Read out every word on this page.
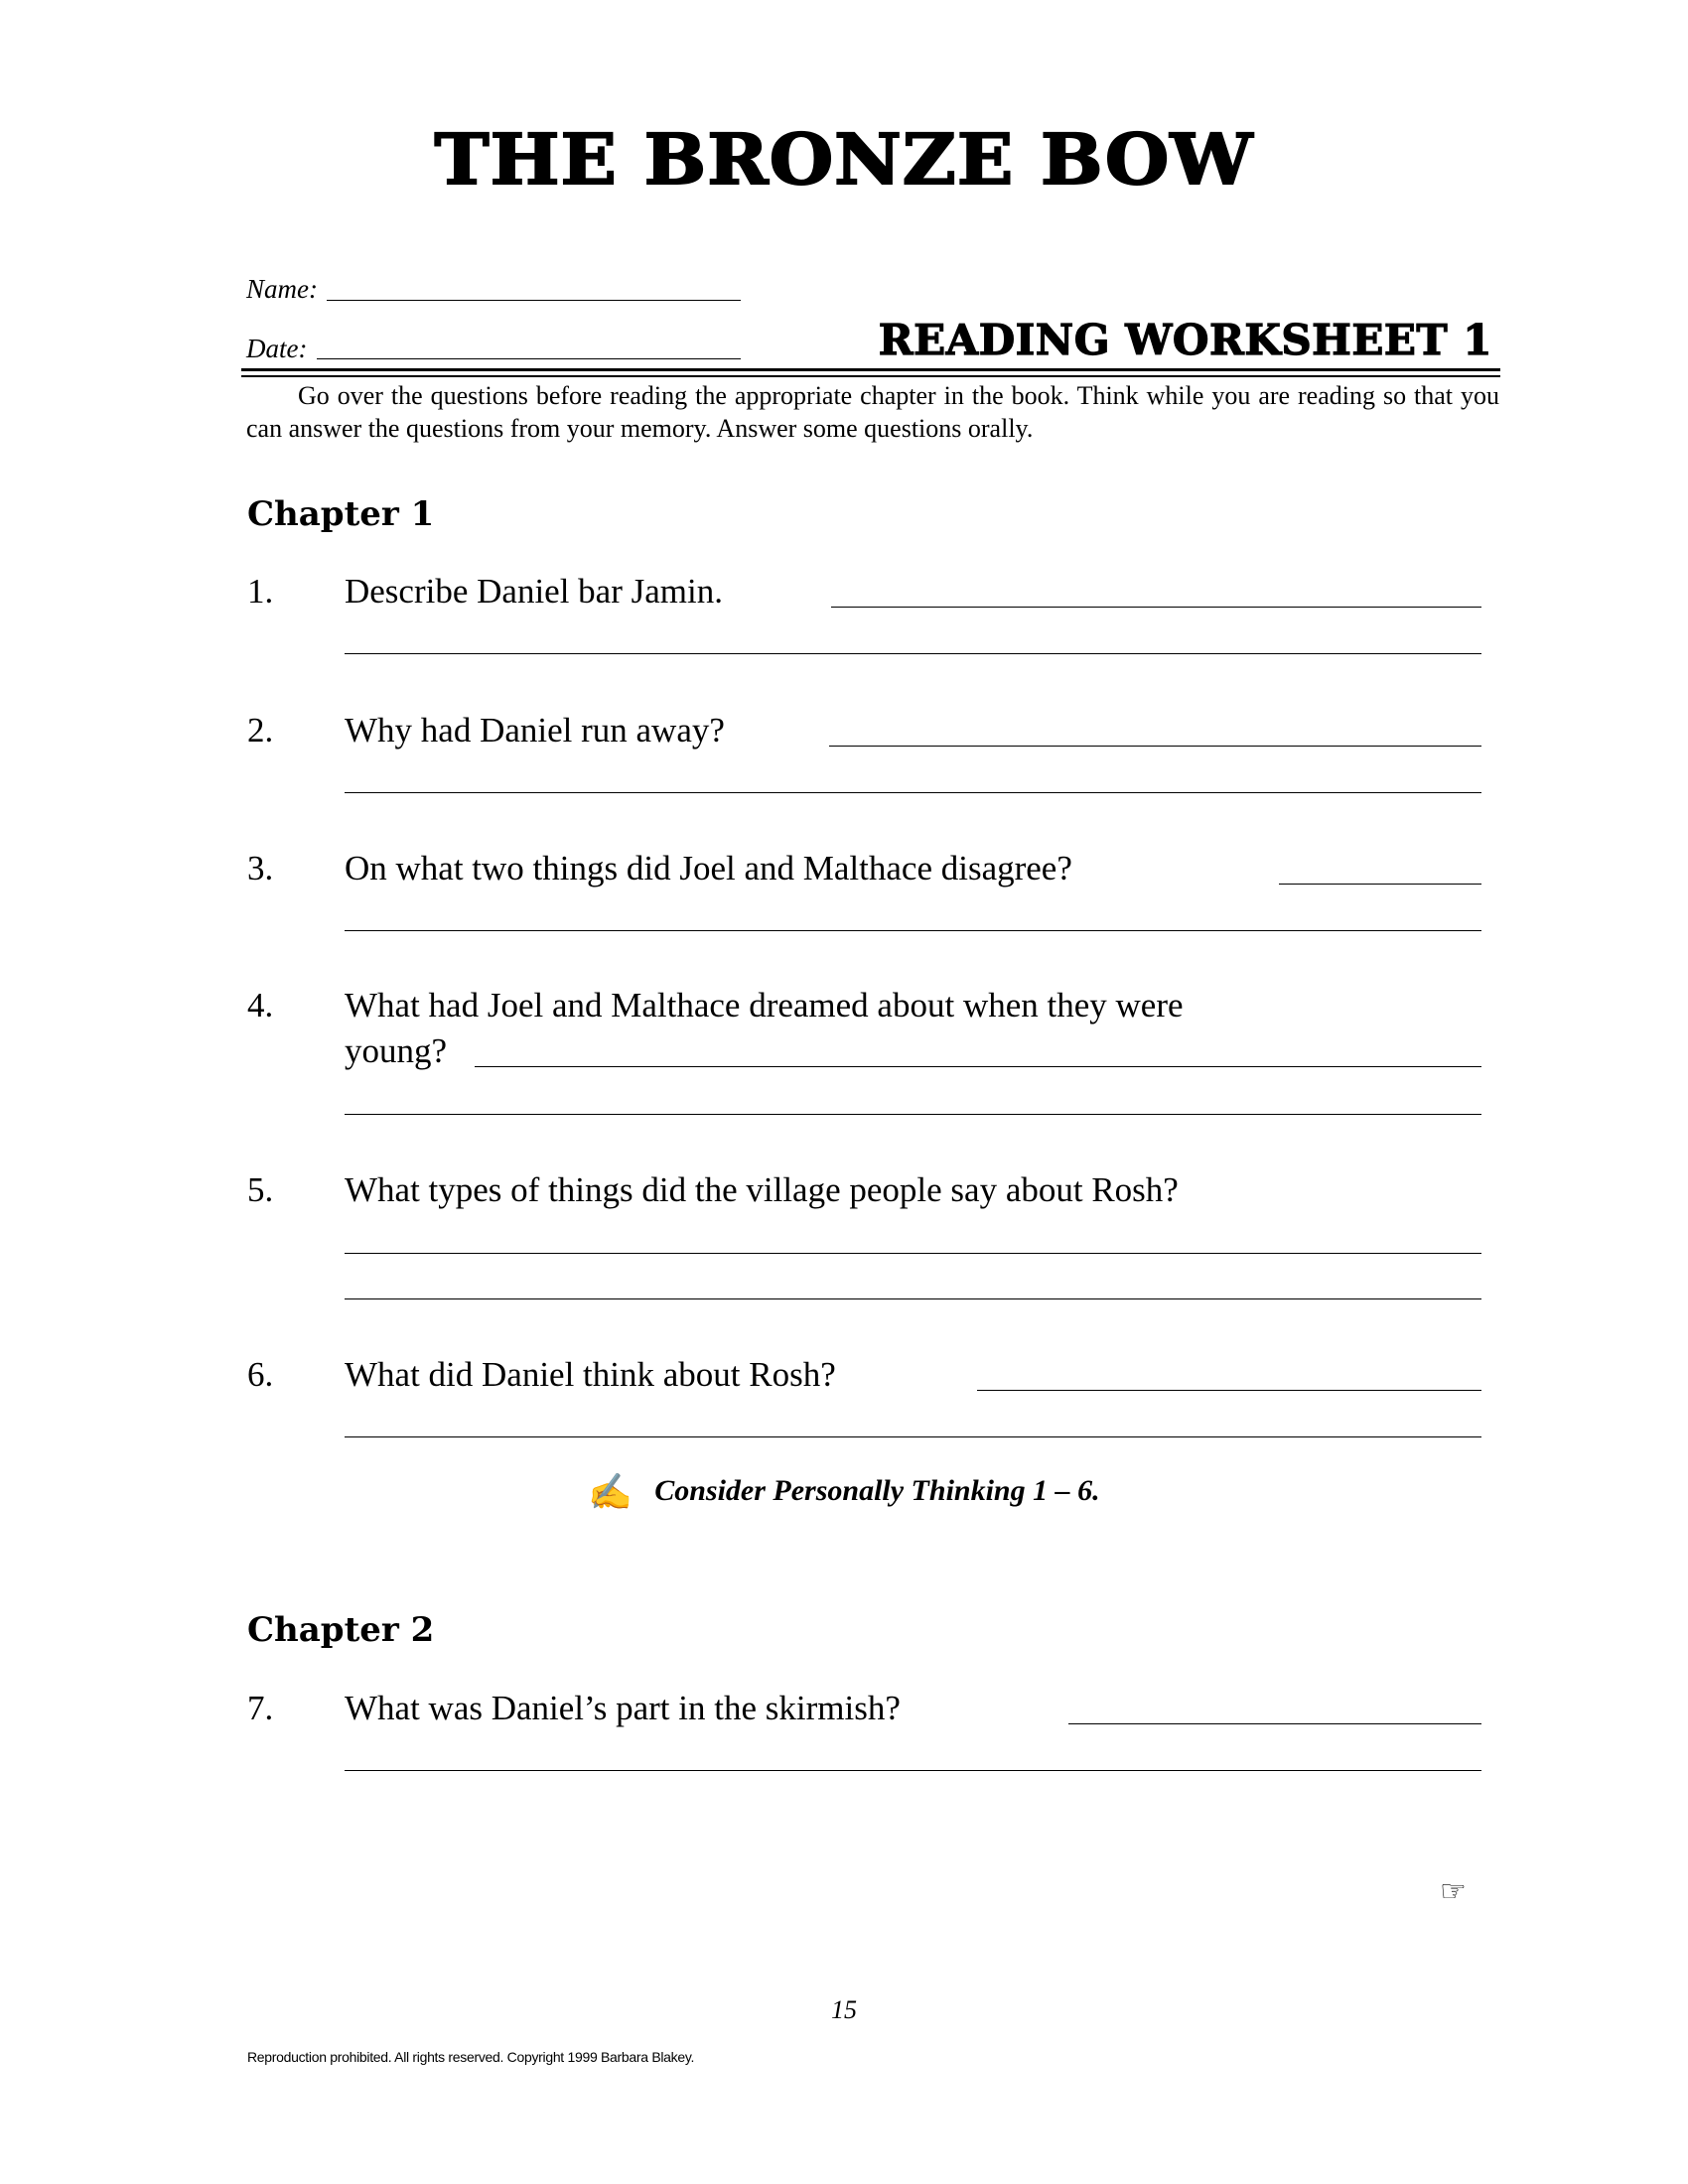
THE BRONZE BOW
Name:
Date:	READING WORKSHEET 1
Go over the questions before reading the appropriate chapter in the book. Think while you are reading so that you can answer the questions from your memory. Answer some questions orally.
Chapter 1
1. Describe Daniel bar Jamin.
2. Why had Daniel run away?
3. On what two things did Joel and Malthace disagree?
4. What had Joel and Malthace dreamed about when they were
young?
5. What types of things did the village people say about Rosh?
6. What did Daniel think about Rosh?
✍ Consider Personally Thinking 1 – 6.
Chapter 2
7. What was Daniel’s part in the skirmish?
☞
15
Reproduction prohibited. All rights reserved. Copyright 1999 Barbara Blakey.
